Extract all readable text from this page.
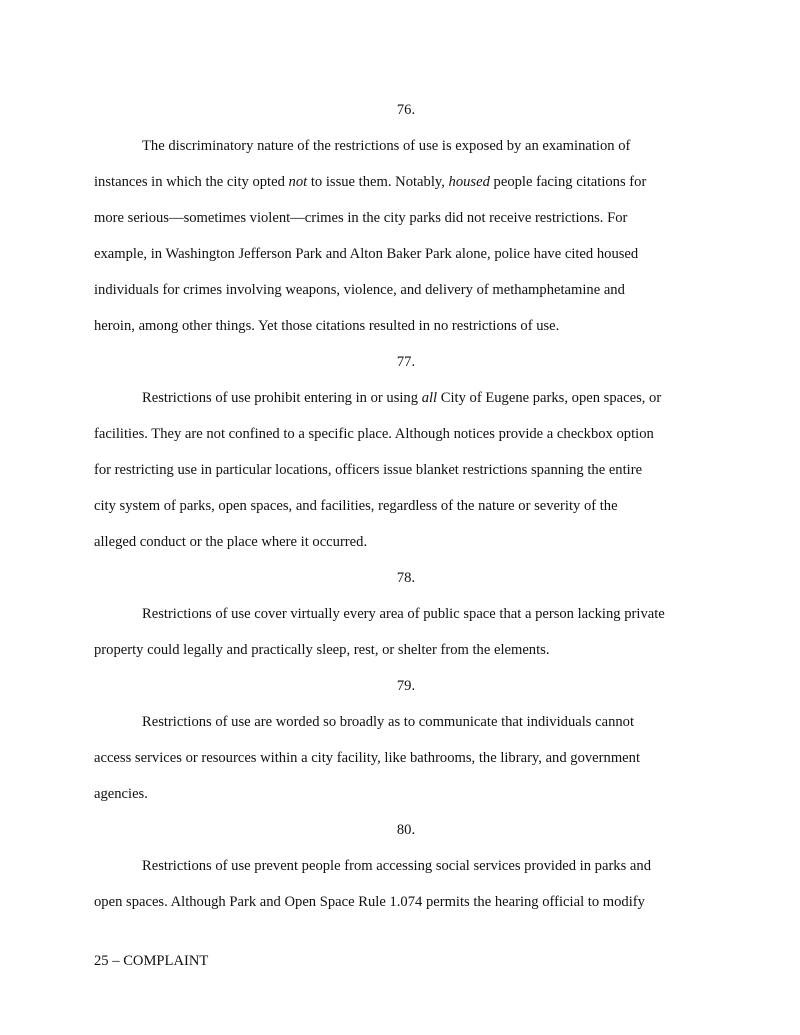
76.

The discriminatory nature of the restrictions of use is exposed by an examination of
instances in which the city opted not to issue them. Notably, housed people facing citations for
more serious—sometimes violent—crimes in the city parks did not receive restrictions. For
example, in Washington Jefferson Park and Alton Baker Park alone, police have cited housed
individuals for crimes involving weapons, violence, and delivery of methamphetamine and
heroin, among other things. Yet those citations resulted in no restrictions of use.

77.

Restrictions of use prohibit entering in or using all City of Eugene parks, open spaces, or
facilities. They are not confined to a specific place. Although notices provide a checkbox option
for restricting use in particular locations, officers issue blanket restrictions spanning the entire
city system of parks, open spaces, and facilities, regardless of the nature or severity of the
alleged conduct or the place where it occurred.

78.

Restrictions of use cover virtually every area of public space that a person lacking private
property could legally and practically sleep, rest, or shelter from the elements.

79.

Restrictions of use are worded so broadly as to communicate that individuals cannot
access services or resources within a city facility, like bathrooms, the library, and government
agencies.

80.

Restrictions of use prevent people from accessing social services provided in parks and
open spaces. Although Park and Open Space Rule 1.074 permits the hearing official to modify
25 – COMPLAINT
